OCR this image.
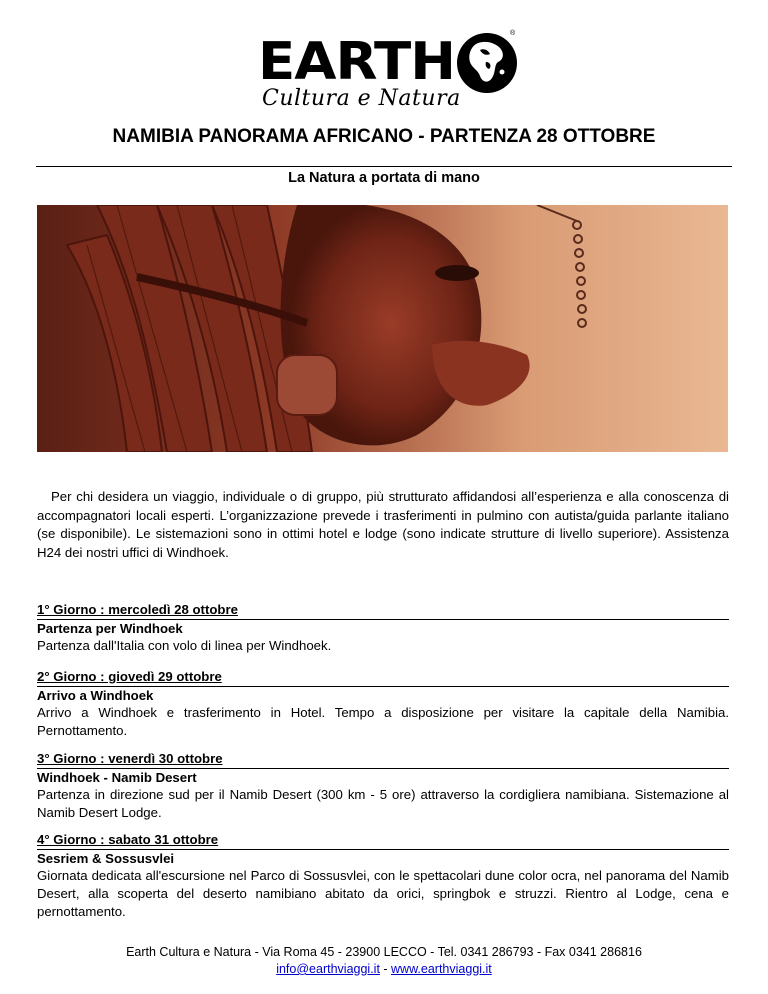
EARTH	®
Cultura e Natura
NAMIBIA PANORAMA AFRICANO - PARTENZA 28 OTTOBRE
La Natura a portata di mano

Per chi desidera un viaggio, individuale o di gruppo, più strutturato affidandosi all’esperienza e alla conoscenza di accompagnatori locali esperti. L’organizzazione prevede i trasferimenti in pulmino con autista/guida parlante italiano (se disponibile). Le sistemazioni sono in ottimi hotel e lodge (sono indicate strutture di livello superiore). Assistenza H24 dei nostri uffici di Windhoek.

1° Giorno : mercoledì 28 ottobre
Partenza per Windhoek

Partenza dall'Italia con volo di linea per Windhoek.

2° Giorno : giovedì 29 ottobre
Arrivo a Windhoek

Arrivo a Windhoek e trasferimento in Hotel. Tempo a disposizione per visitare la capitale della Namibia. Pernottamento.

3° Giorno : venerdì 30 ottobre
Windhoek - Namib Desert

Partenza in direzione sud per il Namib Desert (300 km - 5 ore) attraverso la cordigliera namibiana. Sistemazione al Namib Desert Lodge.

4° Giorno : sabato 31 ottobre
Sesriem & Sossusvlei

Giornata dedicata all'escursione nel Parco di Sossusvlei, con le spettacolari dune color ocra, nel panorama del Namib Desert, alla scoperta del deserto namibiano abitato da orici, springbok e struzzi. Rientro al Lodge, cena e pernottamento.

Earth Cultura e Natura - Via Roma 45 - 23900 LECCO - Tel. 0341 286793 - Fax 0341 286816
info@earthviaggi.it - www.earthviaggi.it
